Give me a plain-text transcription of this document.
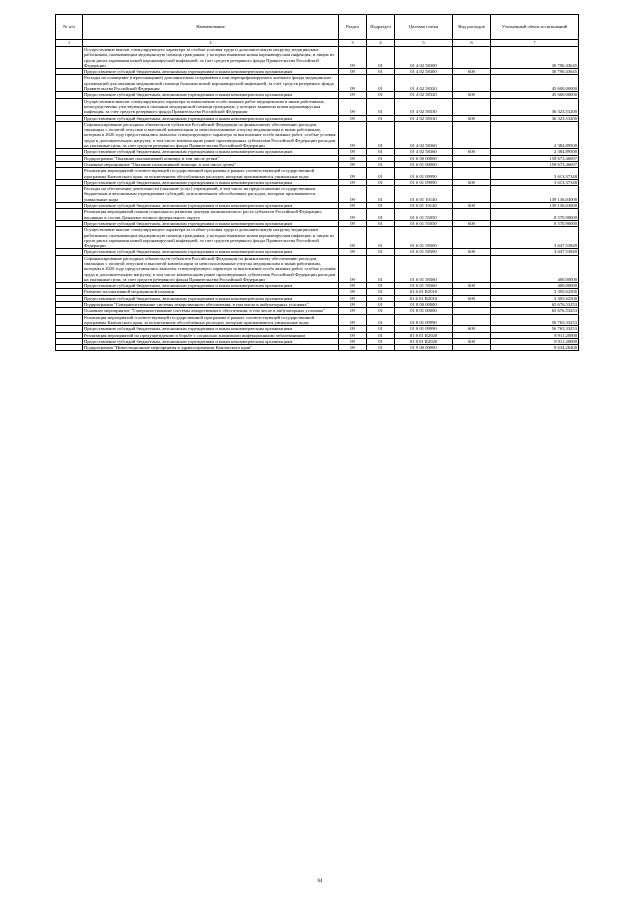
№ п/п	Наименование	Раздел	Подраздел	Целевая статья	Вид расходов	Уточненный объем ассигнований
1	2	3	4	5	6	7
	Осуществление выплат стимулирующего характера за особые условия труда и дополнительную нагрузку медицинским работникам, оказывающим медицинскую помощь гражданам, у которых выявлена новая коронавирусная инфекция, и лицам из групп риска заражения новой коронавирусной инфекцией, за счет средств резервного фонда Правительства Российской Федерации	09	01	01 4 02 58300		30 790,43645
	Предоставление субсидий бюджетным, автономным учреждениям и иным некоммерческим организациям	09	01	01 4 02 58300	600	30 790,43645
	Расходы на оснащение (переоснащение) дополнительно создаваемого или перепрофилируемого коечного фонда медицинских организаций для оказания медицинской помощи больным новой коронавирусной инфекцией, за счет средств резервного фонда Правительства Российской Федерации	09	01	01 4 02 58320		45 600,00000
	Предоставление субсидий бюджетным, автономным учреждениям и иным некоммерческим организациям	09	01	01 4 02 58320	600	45 600,00000
	Осуществление выплат стимулирующего характера за выполнение особо важных работ медицинским и иным работникам, непосредственно участвующим в оказании медицинской помощи гражданам, у которых выявлена новая коронавирусная инфекция, за счет средств резервного фонда Правительства Российской Федерации	09	01	01 4 02 58330		36 323,53200
	Предоставление субсидий бюджетным, автономным учреждениям и иным некоммерческим организациям	09	01	01 4 02 58330	600	36 323,53200
	Софинансирование расходных обязательств субъектов Российской Федерации по финансовому обеспечению расходов, связанных с оплатой отпусков и выплатой компенсации за неиспользованные отпуска медицинским и иным работникам, которым в 2020 году предоставлялись выплаты стимулирующего характера за выполнение особо важных работ, особые условия труда и дополнительную нагрузку, в том числе компенсацию ранее произведенных субъектами Российской Федерации расходов на указанные цели, за счет средств резервного фонда Правительства Российской Федерации	09	01	01 4 02 58360		2 384,89500
	Предоставление субсидий бюджетным, автономным учреждениям и иным некоммерческим организациям	09	01	01 4 02 58360	600	2 384,89500
	Подпрограмма "Оказание паллиативной помощи, в том числе детям"	09	01	01 6 00 00000		158 673,46697
	Основное мероприятие "Оказание паллиативной помощи, в том числе детям"	09	01	01 6 01 00000		158 673,46697
	Реализация мероприятий соответствующей государственной программы в рамках соответствующей государственной программы Камчатского края, за исключением обособленных расходов, которым присваиваются уникальные коды	09	01	01 6 01 09990		3 613,37348
	Предоставление субсидий бюджетным, автономным учреждениям и иным некоммерческим организациям	09	01	01 6 01 09990	600	3 613,37348
	Расходы на обеспечение деятельности (оказание услуг) учреждений, в том числе на предоставление государственным бюджетным и автономным учреждениям субсидий, за исключением обособленных расходов, которым присваиваются уникальные коды	09	01	01 6 01 10140		139 136,03000
	Предоставление субсидий бюджетным, автономным учреждениям и иным некоммерческим организациям	09	01	01 6 01 10140	600	139 136,03000
	Реализация мероприятий планов социального развития центров экономического роста субъектов Российской Федерации, входящих в состав Дальневосточного федерального округа	09	01	01 6 01 55050		8 570,90000
	Предоставление субсидий бюджетным, автономным учреждениям и иным некоммерческим организациям	09	01	01 6 01 55050	600	8 570,90000
	Осуществление выплат стимулирующего характера за особые условия труда и дополнительную нагрузку медицинским работникам, оказывающим медицинскую помощь гражданам, у которых выявлена новая коронавирусная инфекция, и лицам из групп риска заражения новой коронавирусной инфекцией, за счет средств резервного фонда Правительства Российской Федерации	09	01	01 6 01 58300		3 647,53849
	Предоставление субсидий бюджетным, автономным учреждениям и иным некоммерческим организациям	09	01	01 6 01 58300	600	3 647,53849
	Софинансирование расходных обязательств субъектов Российской Федерации по финансовому обеспечению расходов, связанных с оплатой отпусков и выплатой компенсации за неиспользованные отпуска медицинским и иным работникам, которым в 2020 году предоставлялись выплаты стимулирующего характера за выполнение особо важных работ, особые условия труда и дополнительную нагрузку, в том числе компенсацию ранее произведенных субъектами Российской Федерации расходов на указанные цели, за счет средств резервного фонда Правительства Российской Федерации	09	01	01 6 01 58360		400,00000
	Предоставление субсидий бюджетным, автономным учреждениям и иным некоммерческим организациям	09	01	01 6 01 58360	600	400,00000
	Развитие паллиативной медицинской помощи	09	01	01 6 01 R2010		3 305,62500
	Предоставление субсидий бюджетным, автономным учреждениям и иным некоммерческим организациям	09	01	01 6 01 R2010	600	3 305,62500
	Подпрограмма "Совершенствование системы лекарственного обеспечения, в том числе в амбулаторных условиях"	09	01	01 8 00 00000		65 676,53253
	Основное мероприятие "Совершенствование системы лекарственного обеспечения, в том числе в амбулаторных условиях"	09	01	01 8 01 00000		65 676,53253
	Реализация мероприятий соответствующей государственной программы в рамках соответствующей государственной программы Камчатского края, за исключением обособленных расходов, которым присваиваются уникальные коды	09	01	01 8 01 09990		56 765,33253
	Предоставление субсидий бюджетным, автономным учреждениям и иным некоммерческим организациям	09	01	01 8 01 09990	600	56 765,33253
	Реализация мероприятий по предупреждению и борьбе с социально значимыми инфекционными заболеваниями	09	01	01 8 01 R2020		8 911,20000
	Предоставление субсидий бюджетным, автономным учреждениям и иным некоммерческим организациям	09	01	01 8 01 R2020	600	8 911,20000
	Подпрограмма "Инвестиционные мероприятия в здравоохранении Камчатского края"	09	01	01 9 00 00000		8 634,26400
64
